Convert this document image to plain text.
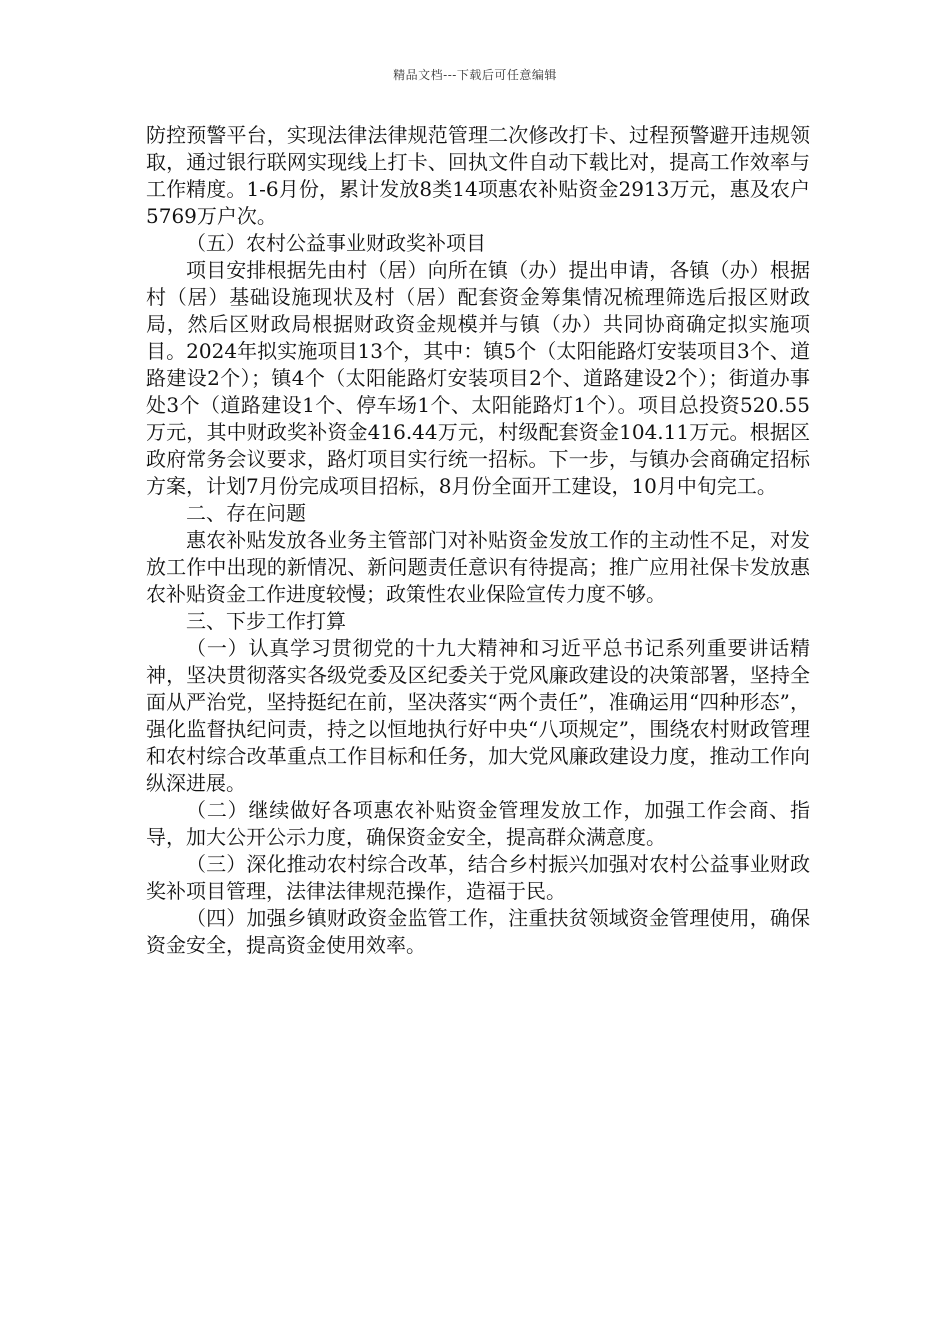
精品文档---下载后可任意编辑

防控预警平台，实现法律法律规范管理二次修改打卡、过程预警避开违规领取，通过银行联网实现线上打卡、回执文件自动下载比对，提高工作效率与工作精度。1-6月份，累计发放8类14项惠农补贴资金2913万元，惠及农户5769万户次。

（五）农村公益事业财政奖补项目

项目安排根据先由村（居）向所在镇（办）提出申请，各镇（办）根据村（居）基础设施现状及村（居）配套资金筹集情况梳理筛选后报区财政局，然后区财政局根据财政资金规模并与镇（办）共同协商确定拟实施项目。2024年拟实施项目13个，其中：镇5个（太阳能路灯安装项目3个、道路建设2个）；镇4个（太阳能路灯安装项目2个、道路建设2个）；街道办事处3个（道路建设1个、停车场1个、太阳能路灯1个）。项目总投资520.55万元，其中财政奖补资金416.44万元，村级配套资金104.11万元。根据区政府常务会议要求，路灯项目实行统一招标。下一步，与镇办会商确定招标方案，计划7月份完成项目招标，8月份全面开工建设，10月中旬完工。

二、存在问题

惠农补贴发放各业务主管部门对补贴资金发放工作的主动性不足，对发放工作中出现的新情况、新问题责任意识有待提高；推广应用社保卡发放惠农补贴资金工作进度较慢；政策性农业保险宣传力度不够。

三、下步工作打算

（一）认真学习贯彻党的十九大精神和习近平总书记系列重要讲话精神，坚决贯彻落实各级党委及区纪委关于党风廉政建设的决策部署，坚持全面从严治党，坚持挺纪在前，坚决落实“两个责任”，准确运用“四种形态”，强化监督执纪问责，持之以恒地执行好中央“八项规定”，围绕农村财政管理和农村综合改革重点工作目标和任务，加大党风廉政建设力度，推动工作向纵深进展。

（二）继续做好各项惠农补贴资金管理发放工作，加强工作会商、指导，加大公开公示力度，确保资金安全，提高群众满意度。

（三）深化推动农村综合改革，结合乡村振兴加强对农村公益事业财政奖补项目管理，法律法律规范操作，造福于民。

（四）加强乡镇财政资金监管工作，注重扶贫领域资金管理使用，确保资金安全，提高资金使用效率。
